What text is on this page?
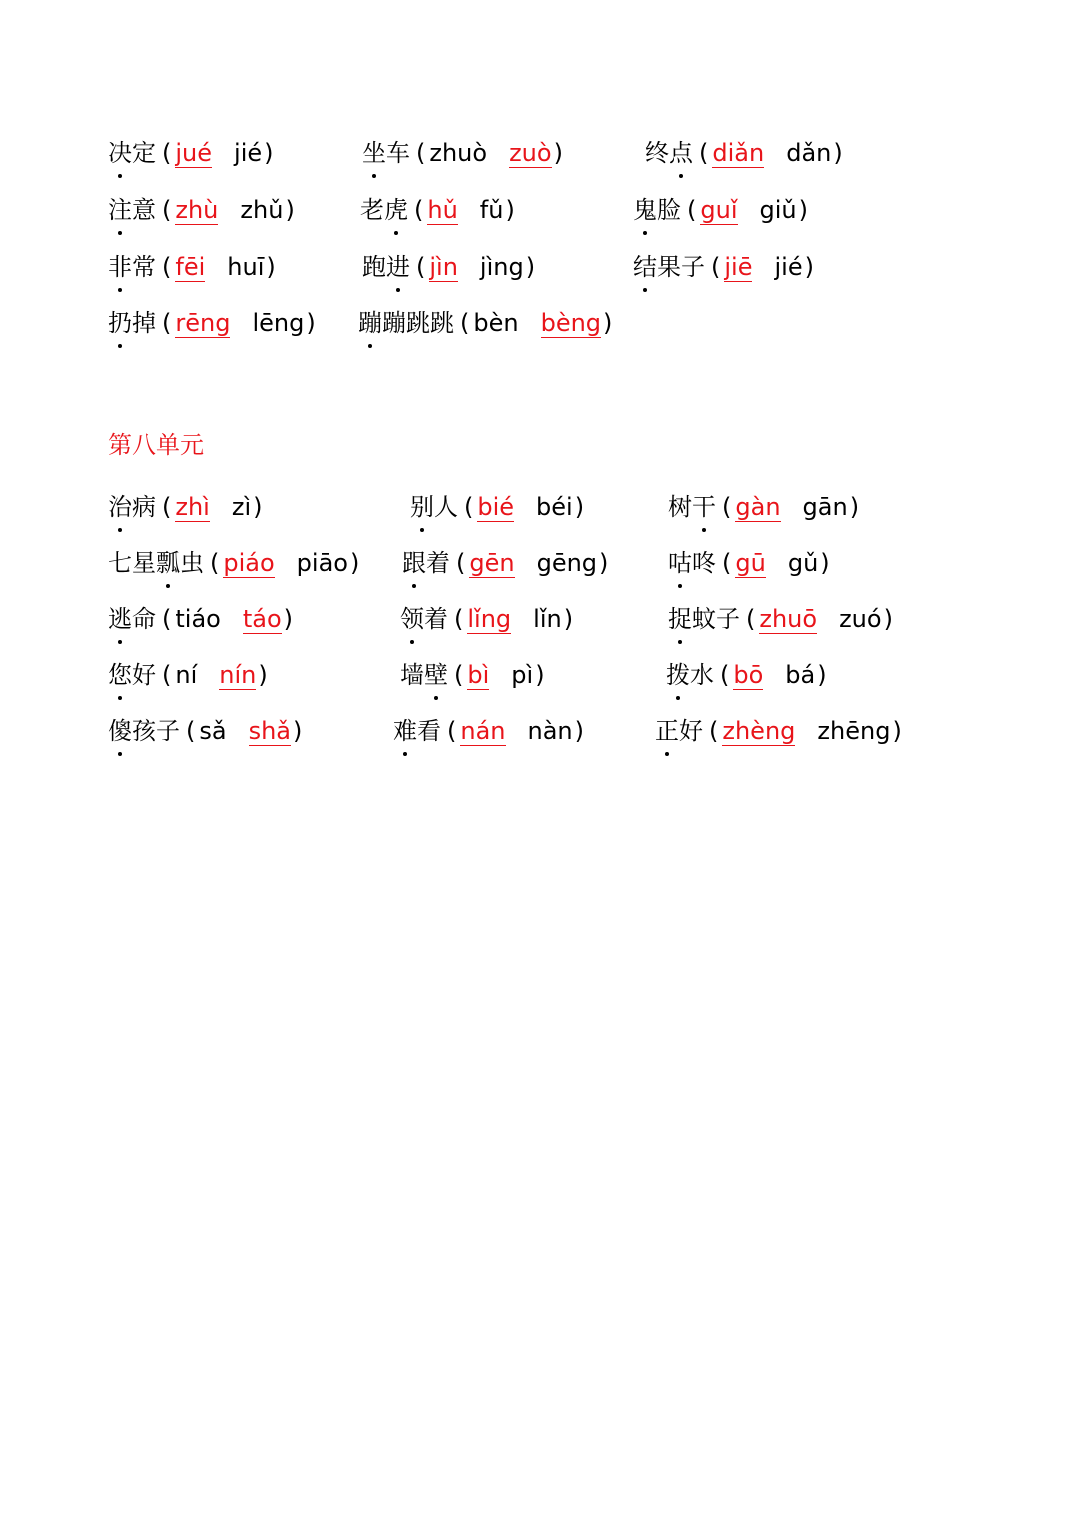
决定 ( jué jié)	坐车 ( zhuò zuò)	终点 ( diǎn dǎn)
注意 ( zhù zhǔ)	老虎 ( hǔ fǔ)	鬼脸 ( guǐ giǔ)
非常 ( fēi huī)	跑进 ( jìn jìng)	结果子 ( jiē jié)
扔掉 ( rēng lēng) 蹦蹦跳跳 ( bèn bèng)
第八单元
治病 ( zhì zì)	别人 ( bié béi)	树干 ( gàn gān)
七星瓢虫 ( piáo piāo) 跟着 ( gēn gēng) 咕咚 ( gū gǔ)
逃命 ( tiáo táo)	领着 ( lǐng lǐn)	捉蚊子 ( zhuō zuó)
您好 ( ní nín)	墙壁 ( bì pì)	拨水 ( bō bá)
傻孩子 ( sǎ shǎ)	难看 ( nán nàn)	正好 ( zhèng zhēng)
